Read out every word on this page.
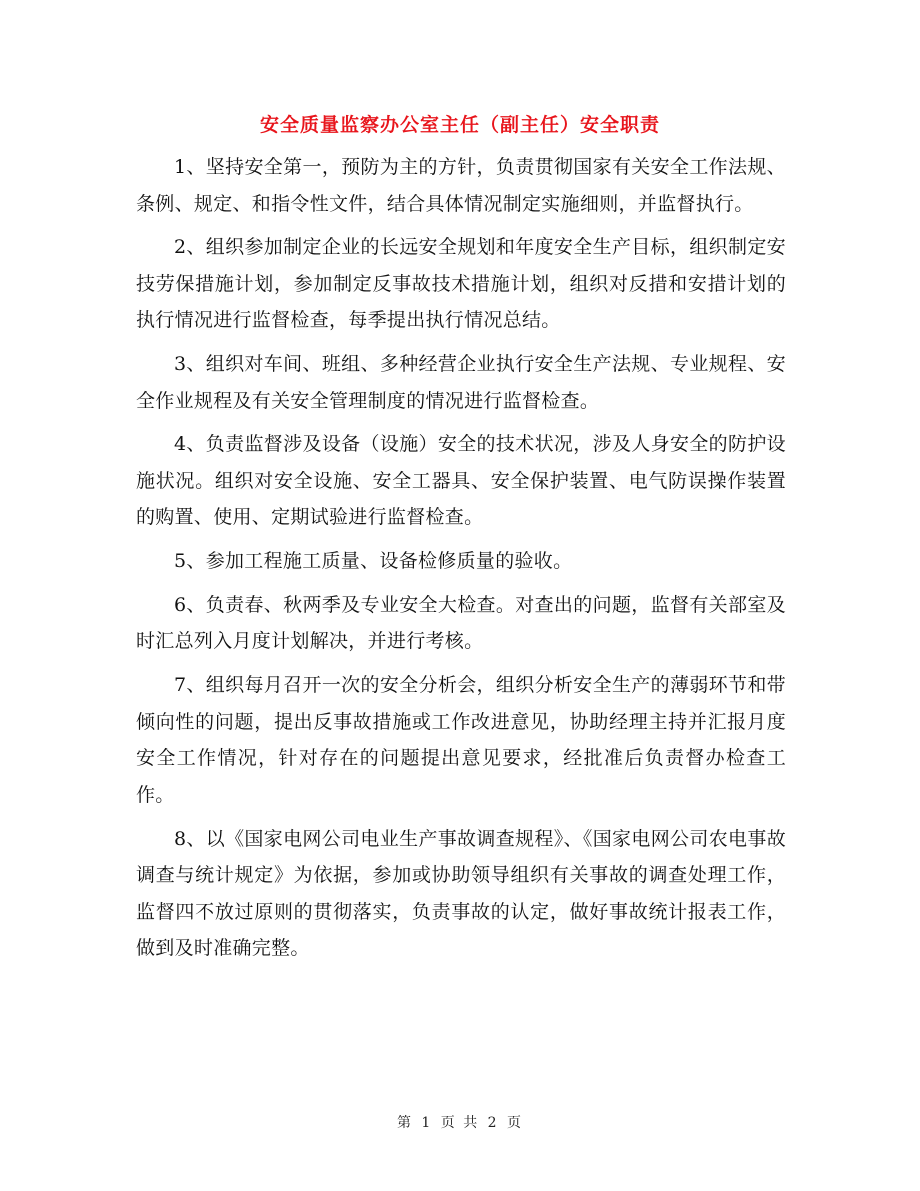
安全质量监察办公室主任（副主任）安全职责

1、坚持安全第一，预防为主的方针，负责贯彻国家有关安全工作法规、条例、规定、和指令性文件，结合具体情况制定实施细则，并监督执行。

2、组织参加制定企业的长远安全规划和年度安全生产目标，组织制定安技劳保措施计划，参加制定反事故技术措施计划，组织对反措和安措计划的执行情况进行监督检查，每季提出执行情况总结。

3、组织对车间、班组、多种经营企业执行安全生产法规、专业规程、安全作业规程及有关安全管理制度的情况进行监督检查。

4、负责监督涉及设备（设施）安全的技术状况，涉及人身安全的防护设施状况。组织对安全设施、安全工器具、安全保护装置、电气防误操作装置的购置、使用、定期试验进行监督检查。

5、参加工程施工质量、设备检修质量的验收。

6、负责春、秋两季及专业安全大检查。对查出的问题，监督有关部室及时汇总列入月度计划解决，并进行考核。

7、组织每月召开一次的安全分析会，组织分析安全生产的薄弱环节和带倾向性的问题，提出反事故措施或工作改进意见，协助经理主持并汇报月度安全工作情况，针对存在的问题提出意见要求，经批准后负责督办检查工作。

8、以《国家电网公司电业生产事故调查规程》、《国家电网公司农电事故调查与统计规定》为依据，参加或协助领导组织有关事故的调查处理工作，监督四不放过原则的贯彻落实，负责事故的认定，做好事故统计报表工作，做到及时准确完整。

第 1 页 共 2 页
